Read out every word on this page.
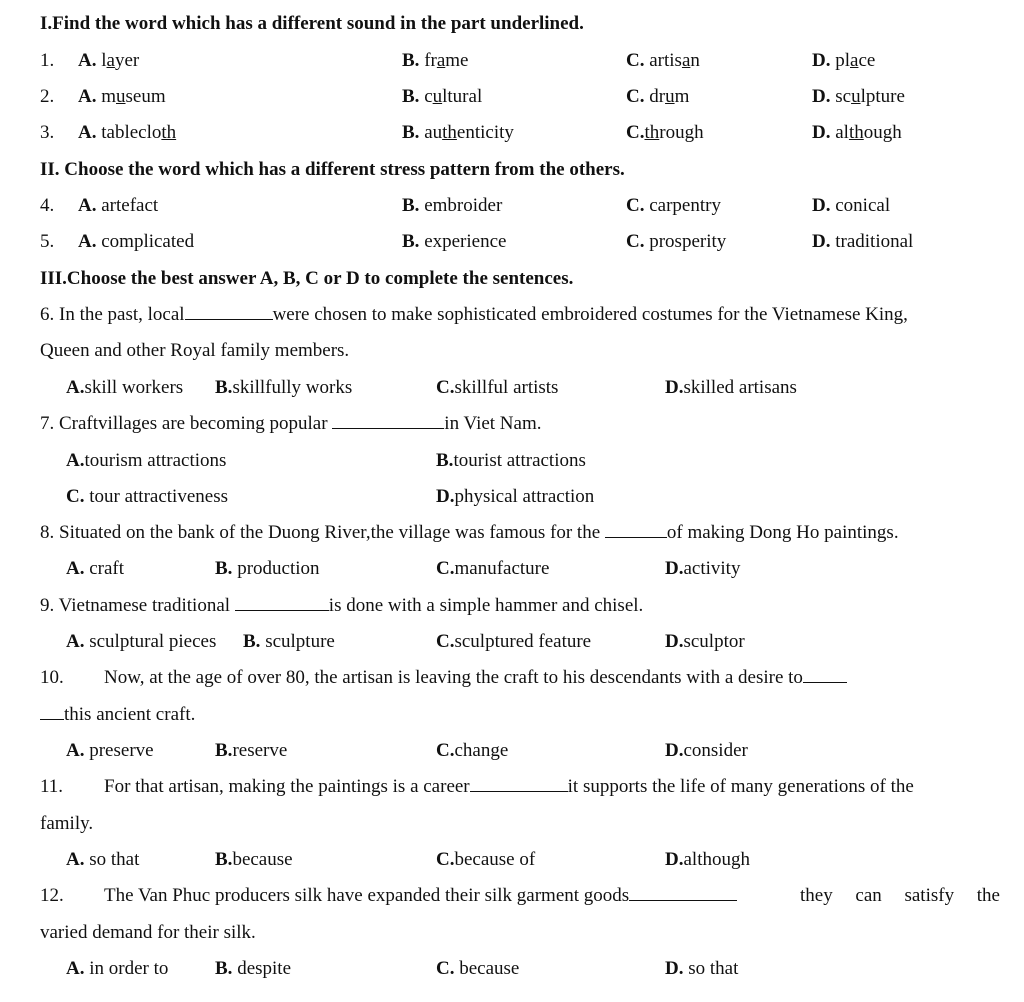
I.Find the word which has a different sound in the part underlined.
1. A. layer	B. frame	C. artisan	D. place
2. A. museum	B. cultural	C. drum	D. sculpture
3. A. tablecloth	B. authenticity	C.through	D. although
II. Choose the word which has a different stress pattern from the others.
4. A. artefact	B. embroider	C. carpentry	D. conical
5. A. complicated	B. experience	C. prosperity	D. traditional
III.Choose the best answer A, B, C or D to complete the sentences.
6. In the past, local	were chosen to make sophisticated embroidered costumes for the Vietnamese King,
Queen and other Royal family members.
A.skill workers B.skillfully works	C.skillful artists	D.skilled artisans
7. Craftvillages are becoming popular	in Viet Nam.
A.tourism attractions	B.tourist attractions
C. tour attractiveness	D.physical attraction
8. Situated on the bank of the Duong River,the village was famous for the	of making Dong Ho paintings.
A. craft	B. production	C.manufacture	D.activity
9. Vietnamese traditional	is done with a simple hammer and chisel.
A. sculptural pieces B. sculpture	C.sculptured feature	D.sculptor
10. Now, at the age of over 80, the artisan is leaving the craft to his descendants with a desire to
this ancient craft.
A. preserve	B.reserve	C.change	D.consider
11. For that artisan, making the paintings is a career	it supports the life of many generations of the
family.
A. so that	B.because	C.because of	D.although
12. The Van Phuc producers silk have expanded their silk garment goods	they can satisfy the
varied demand for their silk.
A. in order to B. despite	C. because	D. so that
